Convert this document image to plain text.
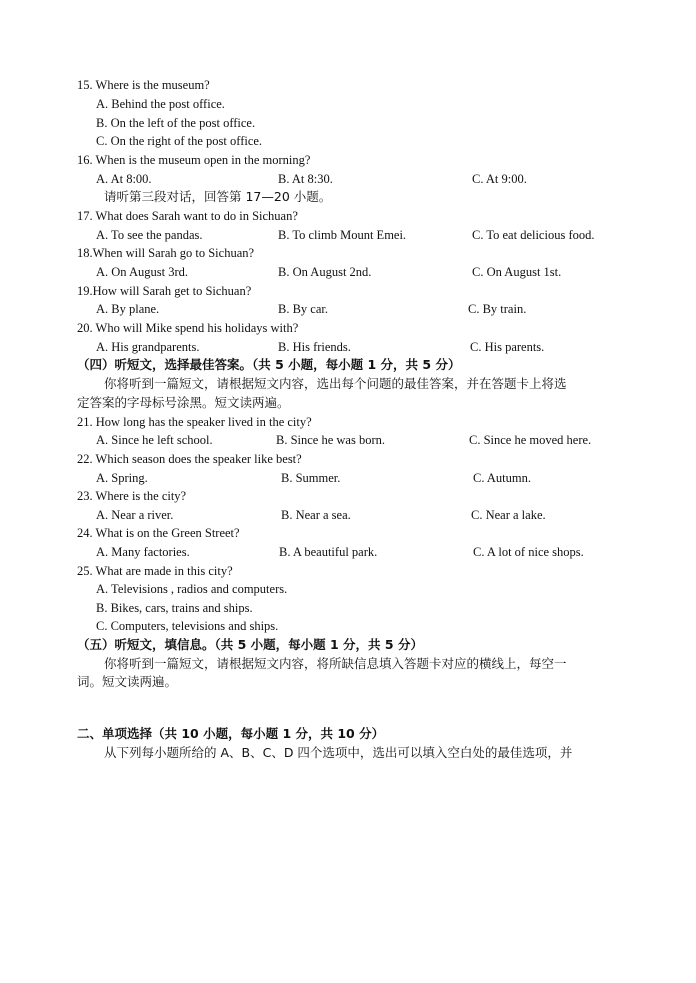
15. Where is the museum?
A. Behind the post office.
B. On the left of the post office.
C. On the right of the post office.
16. When is the museum open in the morning?
A. At 8:00.	B. At 8:30.	C. At 9:00.
请听第三段对话，回答第 17—20 小题。
17. What does Sarah want to do in Sichuan?
A. To see the pandas.	B. To climb Mount Emei.	C. To eat delicious food.
18.When will Sarah go to Sichuan?
A. On August 3rd.	B. On August 2nd.	C. On August 1st.
19.How will Sarah get to Sichuan?
A. By plane.	B. By car.	C. By train.
20. Who will Mike spend his holidays with?
A. His grandparents.	B. His friends.	C. His parents.
（四）听短文，选择最佳答案。（共 5 小题，每小题 1 分，共 5 分）
你将听到一篇短文，请根据短文内容，选出每个问题的最佳答案，并在答题卡上将选
定答案的字母标号涂黑。短文读两遍。
21. How long has the speaker lived in the city?
A. Since he left school.	B. Since he was born.	C. Since he moved here.
22. Which season does the speaker like best?
A. Spring.	B. Summer.	C. Autumn.
23. Where is the city?
A. Near a river.	B. Near a sea.	C. Near a lake.
24. What is on the Green Street?
A. Many factories.	B. A beautiful park.	C. A lot of nice shops.
25. What are made in this city?
A. Televisions , radios and computers.
B. Bikes, cars, trains and ships.
C. Computers, televisions and ships.
（五）听短文，填信息。（共 5 小题，每小题 1 分，共 5 分）
你将听到一篇短文，请根据短文内容，将所缺信息填入答题卡对应的横线上，每空一
词。短文读两遍。
二、单项选择（共 10 小题，每小题 1 分，共 10 分）
从下列每小题所给的 A、B、C、D 四个选项中，选出可以填入空白处的最佳选项，并
